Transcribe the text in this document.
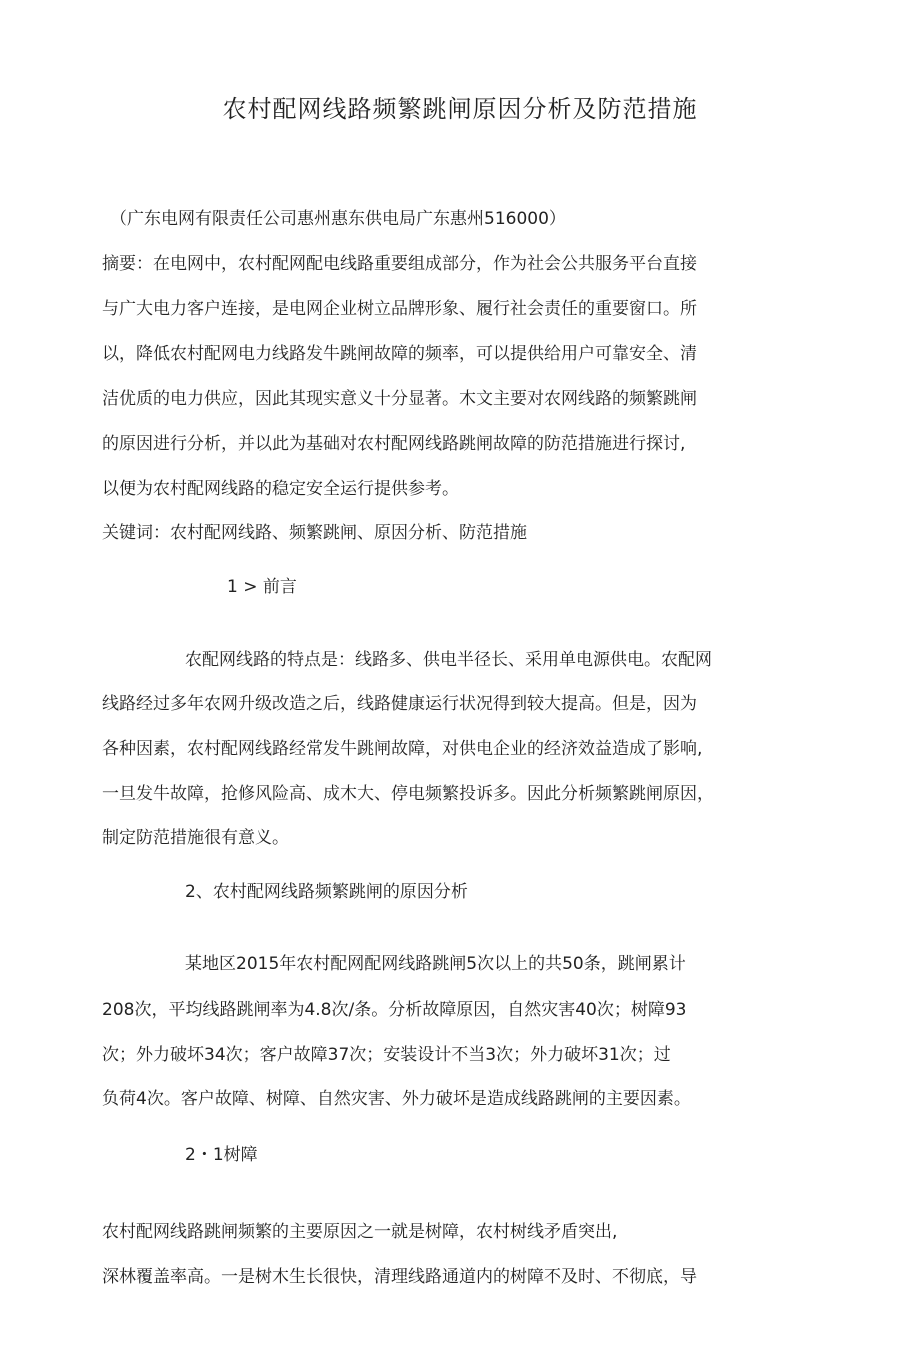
农村配网线路频繁跳闸原因分析及防范措施
（广东电网有限责任公司惠州惠东供电局广东惠州516000）
摘要：在电网中，农村配网配电线路重要组成部分，作为社会公共服务平台直接
与广大电力客户连接，是电网企业树立品牌形象、履行社会责任的重要窗口。所
以，降低农村配网电力线路发牛跳闸故障的频率，可以提供给用户可靠安全、清
洁优质的电力供应，因此其现实意义十分显著。木文主要对农网线路的频繁跳闸
的原因进行分析，并以此为基础对农村配网线路跳闸故障的防范措施进行探讨,
以便为农村配网线路的稳定安全运行提供参考。
关键词：农村配网线路、频繁跳闸、原因分析、防范措施
1 > 前言
农配网线路的特点是：线路多、供电半径长、采用单电源供电。农配网
线路经过多年农网升级改造之后，线路健康运行状况得到较大提高。但是，因为
各种因素，农村配网线路经常发牛跳闸故障，对供电企业的经济效益造成了影响,
一旦发牛故障，抢修风险高、成木大、停电频繁投诉多。因此分析频繁跳闸原因，
制定防范措施很有意义。
2、农村配网线路频繁跳闸的原因分析
某地区2015年农村配网配网线路跳闸5次以上的共50条，跳闸累计
208次，平均线路跳闸率为4.8次/条。分析故障原因，自然灾害40次；树障93
次；外力破坏34次；客户故障37次；安装设计不当3次；外力破坏31次；过
负荷4次。客户故障、树障、自然灾害、外力破坏是造成线路跳闸的主要因素。
2・1树障
农村配网线路跳闸频繁的主要原因之一就是树障，农村树线矛盾突出,
深林覆盖率高。一是树木生长很快，清理线路通道内的树障不及时、不彻底，导
